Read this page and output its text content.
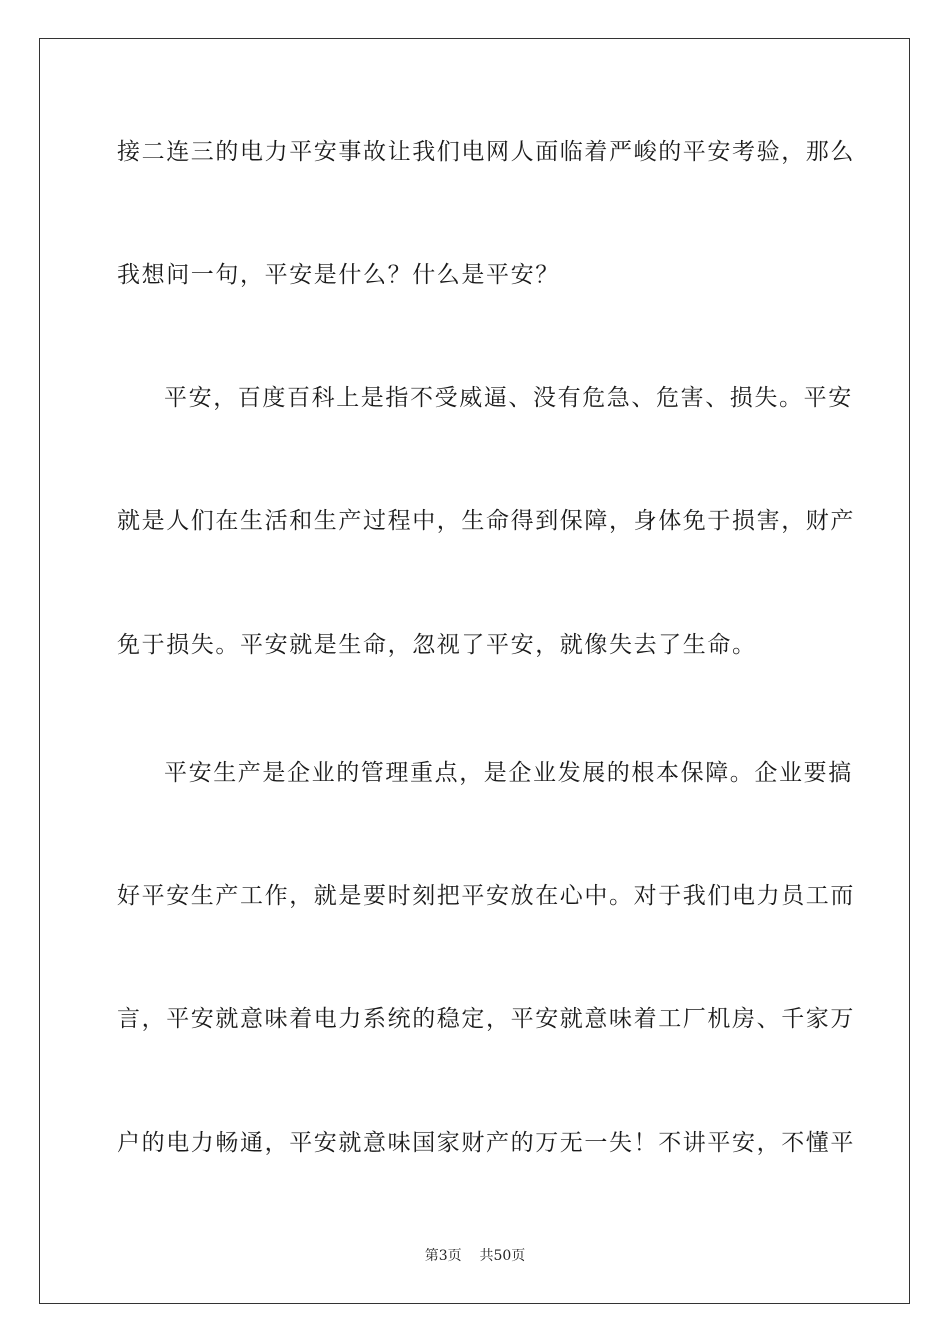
接二连三的电力平安事故让我们电网人面临着严峻的平安考验，那么
我想问一句，平安是什么？什么是平安？
平安，百度百科上是指不受威逼、没有危急、危害、损失。平安
就是人们在生活和生产过程中，生命得到保障，身体免于损害，财产
免于损失。平安就是生命，忽视了平安，就像失去了生命。
平安生产是企业的管理重点，是企业发展的根本保障。企业要搞
好平安生产工作，就是要时刻把平安放在心中。对于我们电力员工而
言，平安就意味着电力系统的稳定，平安就意味着工厂机房、千家万
户的电力畅通，平安就意味国家财产的万无一失！不讲平安，不懂平
第3页 共50页
